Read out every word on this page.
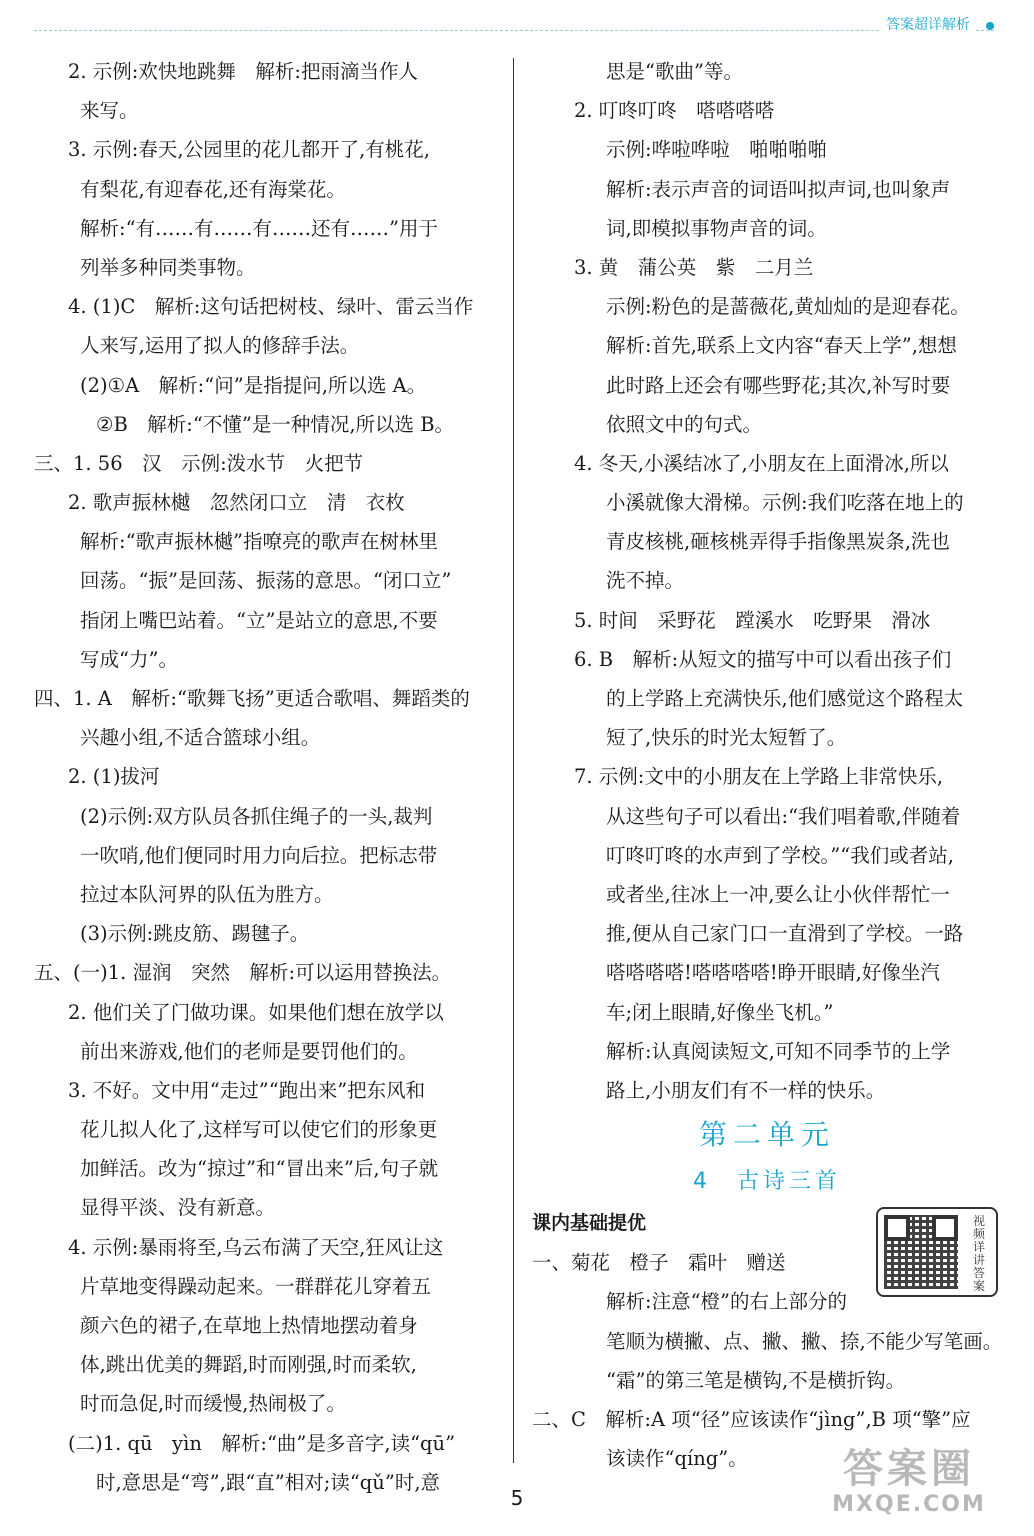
答案超详解析
2. 示例:欢快地跳舞　解析:把雨滴当作人
来写。
3. 示例:春天,公园里的花儿都开了,有桃花,
有梨花,有迎春花,还有海棠花。
解析:“有……有……有……还有……”用于
列举多种同类事物。
4. (1)C　解析:这句话把树枝、绿叶、雷云当作
人来写,运用了拟人的修辞手法。
(2)①A　解析:“问”是指提问,所以选 A。
②B　解析:“不懂”是一种情况,所以选 B。
三、1. 56　汉　示例:泼水节　火把节
2. 歌声振林樾　忽然闭口立　清　衣枚
解析:“歌声振林樾”指嘹亮的歌声在树林里
回荡。“振”是回荡、振荡的意思。“闭口立”
指闭上嘴巴站着。“立”是站立的意思,不要
写成“力”。
四、1. A　解析:“歌舞飞扬”更适合歌唱、舞蹈类的
兴趣小组,不适合篮球小组。
2. (1)拔河
(2)示例:双方队员各抓住绳子的一头,裁判
一吹哨,他们便同时用力向后拉。把标志带
拉过本队河界的队伍为胜方。
(3)示例:跳皮筋、踢毽子。
五、(一)1. 湿润　突然　解析:可以运用替换法。
2. 他们关了门做功课。如果他们想在放学以
前出来游戏,他们的老师是要罚他们的。
3. 不好。文中用“走过”“跑出来”把东风和
花儿拟人化了,这样写可以使它们的形象更
加鲜活。改为“掠过”和“冒出来”后,句子就
显得平淡、没有新意。
4. 示例:暴雨将至,乌云布满了天空,狂风让这
片草地变得躁动起来。一群群花儿穿着五
颜六色的裙子,在草地上热情地摆动着身
体,跳出优美的舞蹈,时而刚强,时而柔软,
时而急促,时而缓慢,热闹极了。
(二)1. qū　yìn　解析:“曲”是多音字,读“qū”
时,意思是“弯”,跟“直”相对;读“qǔ”时,意
思是“歌曲”等。
2. 叮咚叮咚　嗒嗒嗒嗒
示例:哗啦哗啦　啪啪啪啪
解析:表示声音的词语叫拟声词,也叫象声
词,即模拟事物声音的词。
3. 黄　蒲公英　紫　二月兰
示例:粉色的是蔷薇花,黄灿灿的是迎春花。
解析:首先,联系上文内容“春天上学”,想想
此时路上还会有哪些野花;其次,补写时要
依照文中的句式。
4. 冬天,小溪结冰了,小朋友在上面滑冰,所以
小溪就像大滑梯。示例:我们吃落在地上的
青皮核桃,砸核桃弄得手指像黑炭条,洗也
洗不掉。
5. 时间　采野花　蹚溪水　吃野果　滑冰
6. B　解析:从短文的描写中可以看出孩子们
的上学路上充满快乐,他们感觉这个路程太
短了,快乐的时光太短暂了。
7. 示例:文中的小朋友在上学路上非常快乐,
从这些句子可以看出:“我们唱着歌,伴随着
叮咚叮咚的水声到了学校。”“我们或者站,
或者坐,往冰上一冲,要么让小伙伴帮忙一
推,便从自己家门口一直滑到了学校。一路
嗒嗒嗒嗒!嗒嗒嗒嗒!睁开眼睛,好像坐汽
车;闭上眼睛,好像坐飞机。”
解析:认真阅读短文,可知不同季节的上学
路上,小朋友们有不一样的快乐。
第二单元
4　古诗三首
课内基础提优
一、菊花　橙子　霜叶　赠送
解析:注意“橙”的右上部分的
笔顺为横撇、点、撇、撇、捺,不能少写笔画。
“霜”的第三笔是横钩,不是横折钩。
二、C　解析:A 项“径”应该读作“jìng”,B 项“擎”应
该读作“qíng”。
视频详讲答案
5
答案圈
MXQE.COM
